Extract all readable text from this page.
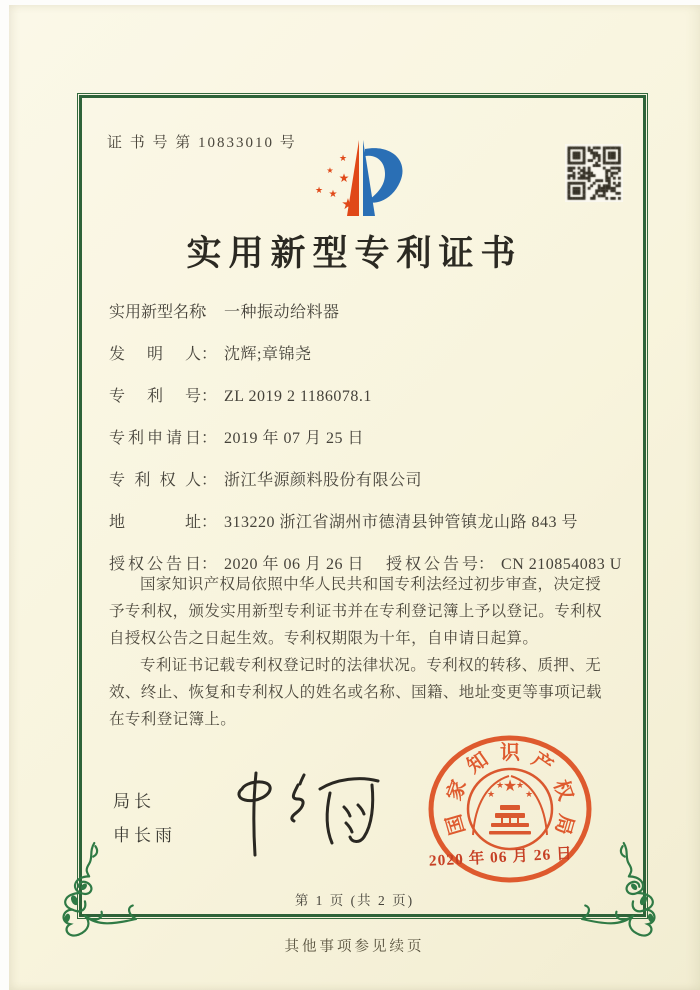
证 书 号 第 10833010 号
★
★
★
★ ★
★
实用新型专利证书
实用新型名称： 一种振动给料器
发明人： 沈辉;章锦尧
专利号： ZL 2019 2 1186078.1
专利申请日： 2019 年 07 月 25 日
专利权人： 浙江华源颜料股份有限公司
地址： 313220 浙江省湖州市德清县钟管镇龙山路 843 号
授权公告日： 2020 年 06 月 26 日 授权公告号： CN 210854083 U

国家知识产权局依照中华人民共和国专利法经过初步审查，决定授予专利权，颁发实用新型专利证书并在专利登记簿上予以登记。专利权自授权公告之日起生效。专利权期限为十年，自申请日起算。

专利证书记载专利权登记时的法律状况。专利权的转移、质押、无效、终止、恢复和专利权人的姓名或名称、国籍、地址变更等事项记载在专利登记簿上。

局长
申长雨	国
家
知 识 产
权
局
★
★
★ ★
★
2020 年 06 月 26 日
第 1 页 (共 2 页)
其他事项参见续页
